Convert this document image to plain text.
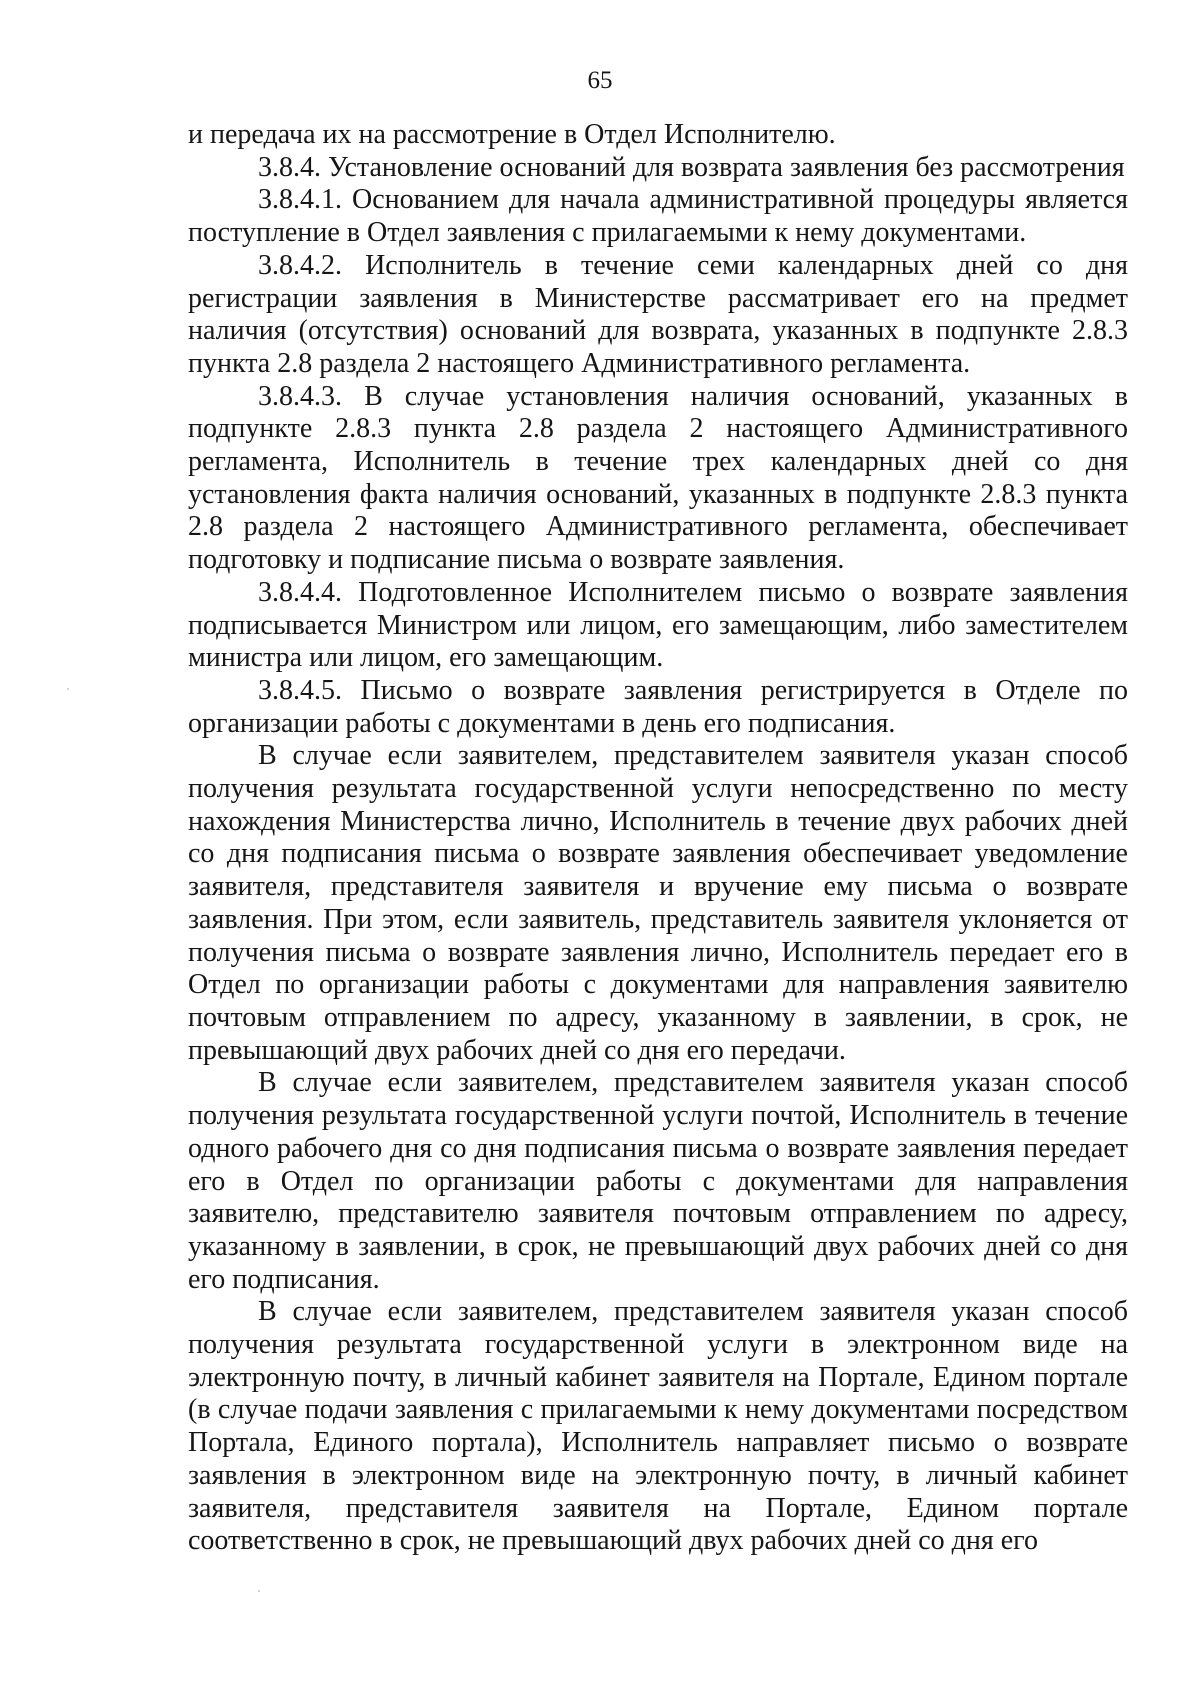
65

и передача их на рассмотрение в Отдел Исполнителю.

3.8.4. Установление оснований для возврата заявления без рассмотрения

3.8.4.1. Основанием для начала административной процедуры является поступление в Отдел заявления с прилагаемыми к нему документами.

3.8.4.2. Исполнитель в течение семи календарных дней со дня регистрации заявления в Министерстве рассматривает его на предмет наличия (отсутствия) оснований для возврата, указанных в подпункте 2.8.3 пункта 2.8 раздела 2 настоящего Административного регламента.

3.8.4.3. В случае установления наличия оснований, указанных в подпункте 2.8.3 пункта 2.8 раздела 2 настоящего Административного регламента, Исполнитель в течение трех календарных дней со дня установления факта наличия оснований, указанных в подпункте 2.8.3 пункта 2.8 раздела 2 настоящего Административного регламента, обеспечивает подготовку и подписание письма о возврате заявления.

3.8.4.4. Подготовленное Исполнителем письмо о возврате заявления подписывается Министром или лицом, его замещающим, либо заместителем министра или лицом, его замещающим.

3.8.4.5. Письмо о возврате заявления регистрируется в Отделе по организации работы с документами в день его подписания.

В случае если заявителем, представителем заявителя указан способ получения результата государственной услуги непосредственно по месту нахождения Министерства лично, Исполнитель в течение двух рабочих дней со дня подписания письма о возврате заявления обеспечивает уведомление заявителя, представителя заявителя и вручение ему письма о возврате заявления. При этом, если заявитель, представитель заявителя уклоняется от получения письма о возврате заявления лично, Исполнитель передает его в Отдел по организации работы с документами для направления заявителю почтовым отправлением по адресу, указанному в заявлении, в срок, не превышающий двух рабочих дней со дня его передачи.

В случае если заявителем, представителем заявителя указан способ получения результата государственной услуги почтой, Исполнитель в течение одного рабочего дня со дня подписания письма о возврате заявления передает его в Отдел по организации работы с документами для направления заявителю, представителю заявителя почтовым отправлением по адресу, указанному в заявлении, в срок, не превышающий двух рабочих дней со дня его подписания.

В случае если заявителем, представителем заявителя указан способ получения результата государственной услуги в электронном виде на электронную почту, в личный кабинет заявителя на Портале, Едином портале (в случае подачи заявления с прилагаемыми к нему документами посредством Портала, Единого портала), Исполнитель направляет письмо о возврате заявления в электронном виде на электронную почту, в личный кабинет заявителя, представителя заявителя на Портале, Едином портале соответственно в срок, не превышающий двух рабочих дней со дня его
